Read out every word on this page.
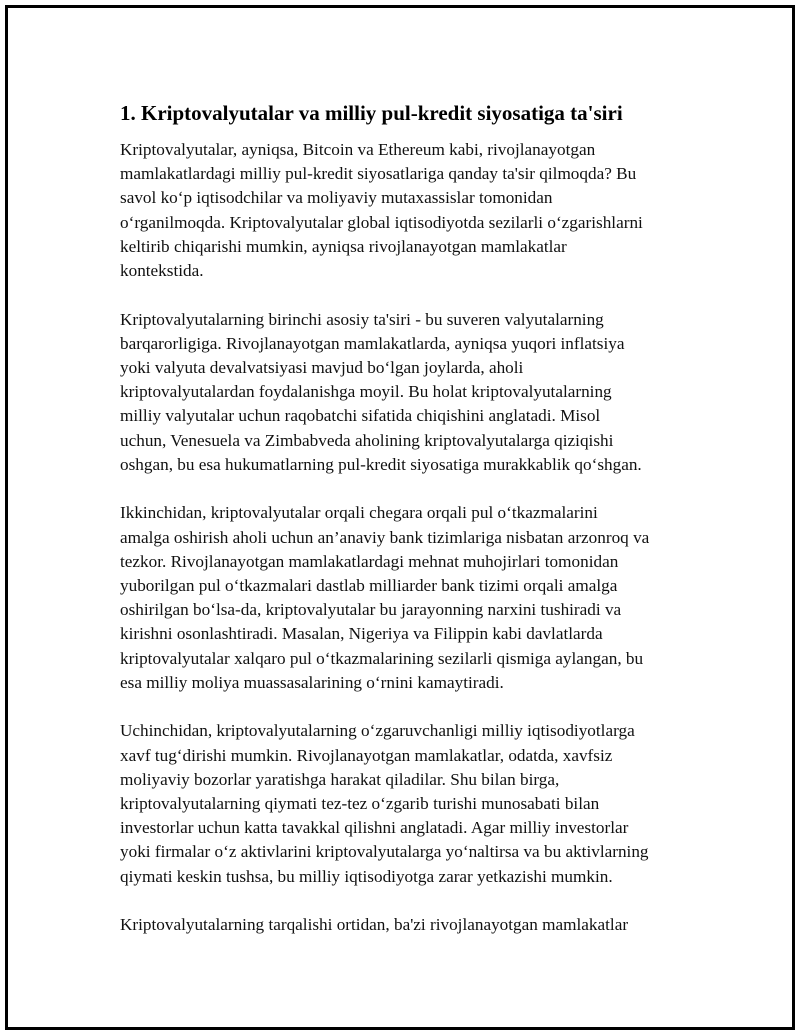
1. Kriptovalyutalar va milliy pul-kredit siyosatiga ta'siri

Kriptovalyutalar, ayniqsa, Bitcoin va Ethereum kabi, rivojlanayotgan
mamlakatlardagi milliy pul-kredit siyosatlariga qanday ta'sir qilmoqda? Bu
savol ko‘p iqtisodchilar va moliyaviy mutaxassislar tomonidan
o‘rganilmoqda. Kriptovalyutalar global iqtisodiyotda sezilarli o‘zgarishlarni
keltirib chiqarishi mumkin, ayniqsa rivojlanayotgan mamlakatlar
kontekstida.

Kriptovalyutalarning birinchi asosiy ta'siri - bu suveren valyutalarning
barqarorligiga. Rivojlanayotgan mamlakatlarda, ayniqsa yuqori inflatsiya
yoki valyuta devalvatsiyasi mavjud bo‘lgan joylarda, aholi
kriptovalyutalardan foydalanishga moyil. Bu holat kriptovalyutalarning
milliy valyutalar uchun raqobatchi sifatida chiqishini anglatadi. Misol
uchun, Venesuela va Zimbabveda aholining kriptovalyutalarga qiziqishi
oshgan, bu esa hukumatlarning pul-kredit siyosatiga murakkablik qo‘shgan.

Ikkinchidan, kriptovalyutalar orqali chegara orqali pul o‘tkazmalarini
amalga oshirish aholi uchun an’anaviy bank tizimlariga nisbatan arzonroq va
tezkor. Rivojlanayotgan mamlakatlardagi mehnat muhojirlari tomonidan
yuborilgan pul o‘tkazmalari dastlab milliarder bank tizimi orqali amalga
oshirilgan bo‘lsa-da, kriptovalyutalar bu jarayonning narxini tushiradi va
kirishni osonlashtiradi. Masalan, Nigeriya va Filippin kabi davlatlarda
kriptovalyutalar xalqaro pul o‘tkazmalarining sezilarli qismiga aylangan, bu
esa milliy moliya muassasalarining o‘rnini kamaytiradi.

Uchinchidan, kriptovalyutalarning o‘zgaruvchanligi milliy iqtisodiyotlarga
xavf tug‘dirishi mumkin. Rivojlanayotgan mamlakatlar, odatda, xavfsiz
moliyaviy bozorlar yaratishga harakat qiladilar. Shu bilan birga,
kriptovalyutalarning qiymati tez-tez o‘zgarib turishi munosabati bilan
investorlar uchun katta tavakkal qilishni anglatadi. Agar milliy investorlar
yoki firmalar o‘z aktivlarini kriptovalyutalarga yo‘naltirsa va bu aktivlarning
qiymati keskin tushsa, bu milliy iqtisodiyotga zarar yetkazishi mumkin.

Kriptovalyutalarning tarqalishi ortidan, ba'zi rivojlanayotgan mamlakatlar
